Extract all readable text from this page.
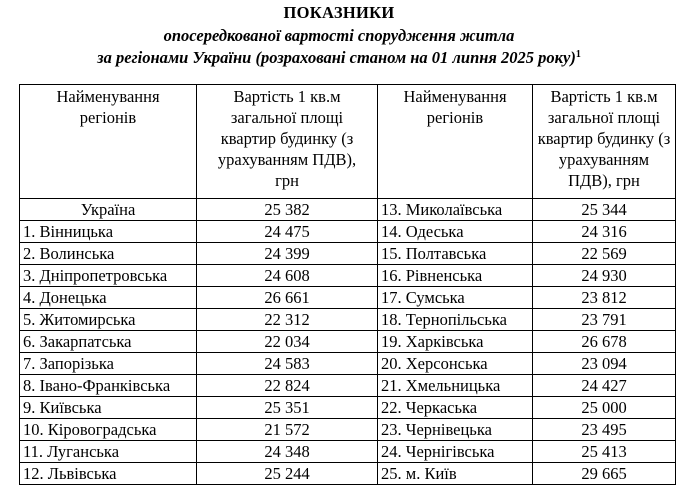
ПОКАЗНИКИ
опосередкованої вартості спорудження житла
за регіонами України (розраховані станом на 01 липня 2025 року)$^1$
Найменування регіонів	Вартість 1 кв.м загальної площі квартир будинку (з урахуванням ПДВ), грн	Найменування регіонів	Вартість 1 кв.м загальної площі квартир будинку (з урахуванням ПДВ), грн

Україна	25 382	13. Миколаївська	25 344
1. Вінницька	24 475	14. Одеська	24 316
2. Волинська	24 399	15. Полтавська	22 569
3. Дніпропетровська	24 608	16. Рівненська	24 930
4. Донецька	26 661	17. Сумська	23 812
5. Житомирська	22 312	18. Тернопільська	23 791
6. Закарпатська	22 034	19. Харківська	26 678
7. Запорізька	24 583	20. Херсонська	23 094
8. Івано-Франківська	22 824	21. Хмельницька	24 427
9. Київська	25 351	22. Черкаська	25 000
10. Кіровоградська	21 572	23. Чернівецька	23 495
11. Луганська	24 348	24. Чернігівська	25 413
12. Львівська	25 244	25. м. Київ	29 665
